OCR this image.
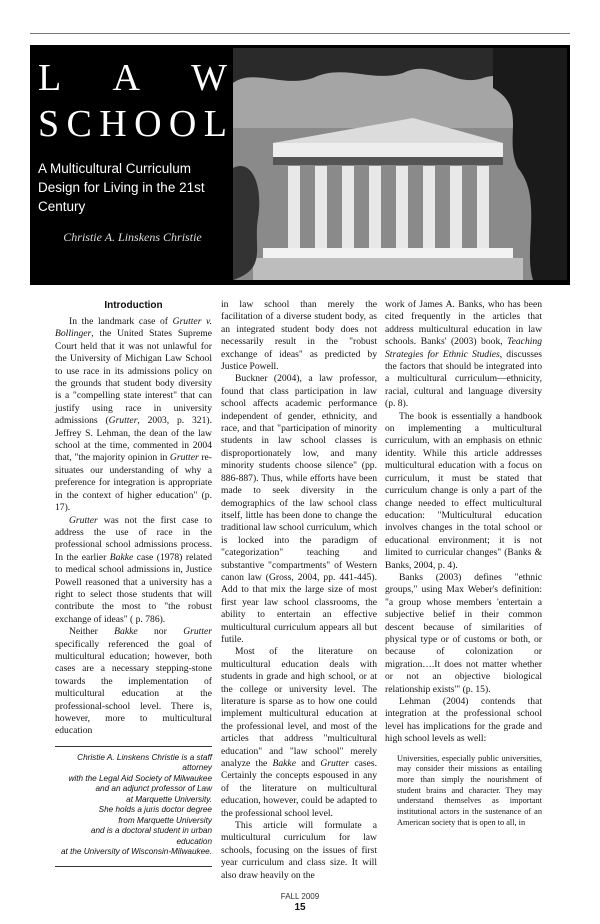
L A W
S C H O O L
A Multicultural Curriculum Design for Living in the 21st Century
Christie A. Linskens Christie
Introduction

In the landmark case of Grutter v. Bollinger, the United States Supreme Court held that it was not unlawful for the University of Michigan Law School to use race in its admissions policy on the grounds that student body diversity is a "compelling state interest" that can justify using race in university admissions (Grutter, 2003, p. 321). Jeffrey S. Lehman, the dean of the law school at the time, commented in 2004 that, "the majority opinion in Grutter re-situates our understanding of why a preference for integration is appropriate in the context of higher education" (p. 17).

Grutter was not the first case to address the use of race in the professional school admissions process. In the earlier Bakke case (1978) related to medical school admissions in, Justice Powell reasoned that a university has a right to select those students that will contribute the most to "the robust exchange of ideas" ( p. 786).

Neither Bakke nor Grutter specifically referenced the goal of multicultural education; however, both cases are a necessary stepping-stone towards the implementation of multicultural education at the professional-school level. There is, however, more to multicultural education

Christie A. Linskens Christie is a staff attorney
with the Legal Aid Society of Milwaukee
and an adjunct professor of Law
at Marquette University.
She holds a juris doctor degree
from Marquette University
and is a doctoral student in urban education
at the University of Wisconsin-Milwaukee.

in law school than merely the facilitation of a diverse student body, as an integrated student body does not necessarily result in the "robust exchange of ideas" as predicted by Justice Powell.

Buckner (2004), a law professor, found that class participation in law school affects academic performance independent of gender, ethnicity, and race, and that "participation of minority students in law school classes is disproportionately low, and many minority students choose silence" (pp. 886-887). Thus, while efforts have been made to seek diversity in the demographics of the law school class itself, little has been done to change the traditional law school curriculum, which is locked into the paradigm of "categorization" teaching and substantive "compartments" of Western canon law (Gross, 2004, pp. 441-445). Add to that mix the large size of most first year law school classrooms, the ability to entertain an effective multicultural curriculum appears all but futile.

Most of the literature on multicultural education deals with students in grade and high school, or at the college or university level. The literature is sparse as to how one could implement multicultural education at the professional level, and most of the articles that address "multicultural education" and "law school" merely analyze the Bakke and Grutter cases. Certainly the concepts espoused in any of the literature on multicultural education, however, could be adapted to the professional school level.

This article will formulate a multicultural curriculum for law schools, focusing on the issues of first year curriculum and class size. It will also draw heavily on the

work of James A. Banks, who has been cited frequently in the articles that address multicultural education in law schools. Banks' (2003) book, Teaching Strategies for Ethnic Studies, discusses the factors that should be integrated into a multicultural curriculum—ethnicity, racial, cultural and language diversity (p. 8).

The book is essentially a handbook on implementing a multicultural curriculum, with an emphasis on ethnic identity. While this article addresses multicultural education with a focus on curriculum, it must be stated that curriculum change is only a part of the change needed to effect multicultural education: "Multicultural education involves changes in the total school or educational environment; it is not limited to curricular changes" (Banks & Banks, 2004, p. 4).

Banks (2003) defines "ethnic groups," using Max Weber's definition: "a group whose members 'entertain a subjective belief in their common descent because of similarities of physical type or of customs or both, or because of colonization or migration….It does not matter whether or not an objective biological relationship exists'" (p. 15).

Lehman (2004) contends that integration at the professional school level has implications for the grade and high school levels as well:

Universities, especially public universities, may consider their missions as entailing more than simply the nourishment of student brains and character. They may understand themselves as important institutional actors in the sustenance of an American society that is open to all, in
FALL 2009
15
